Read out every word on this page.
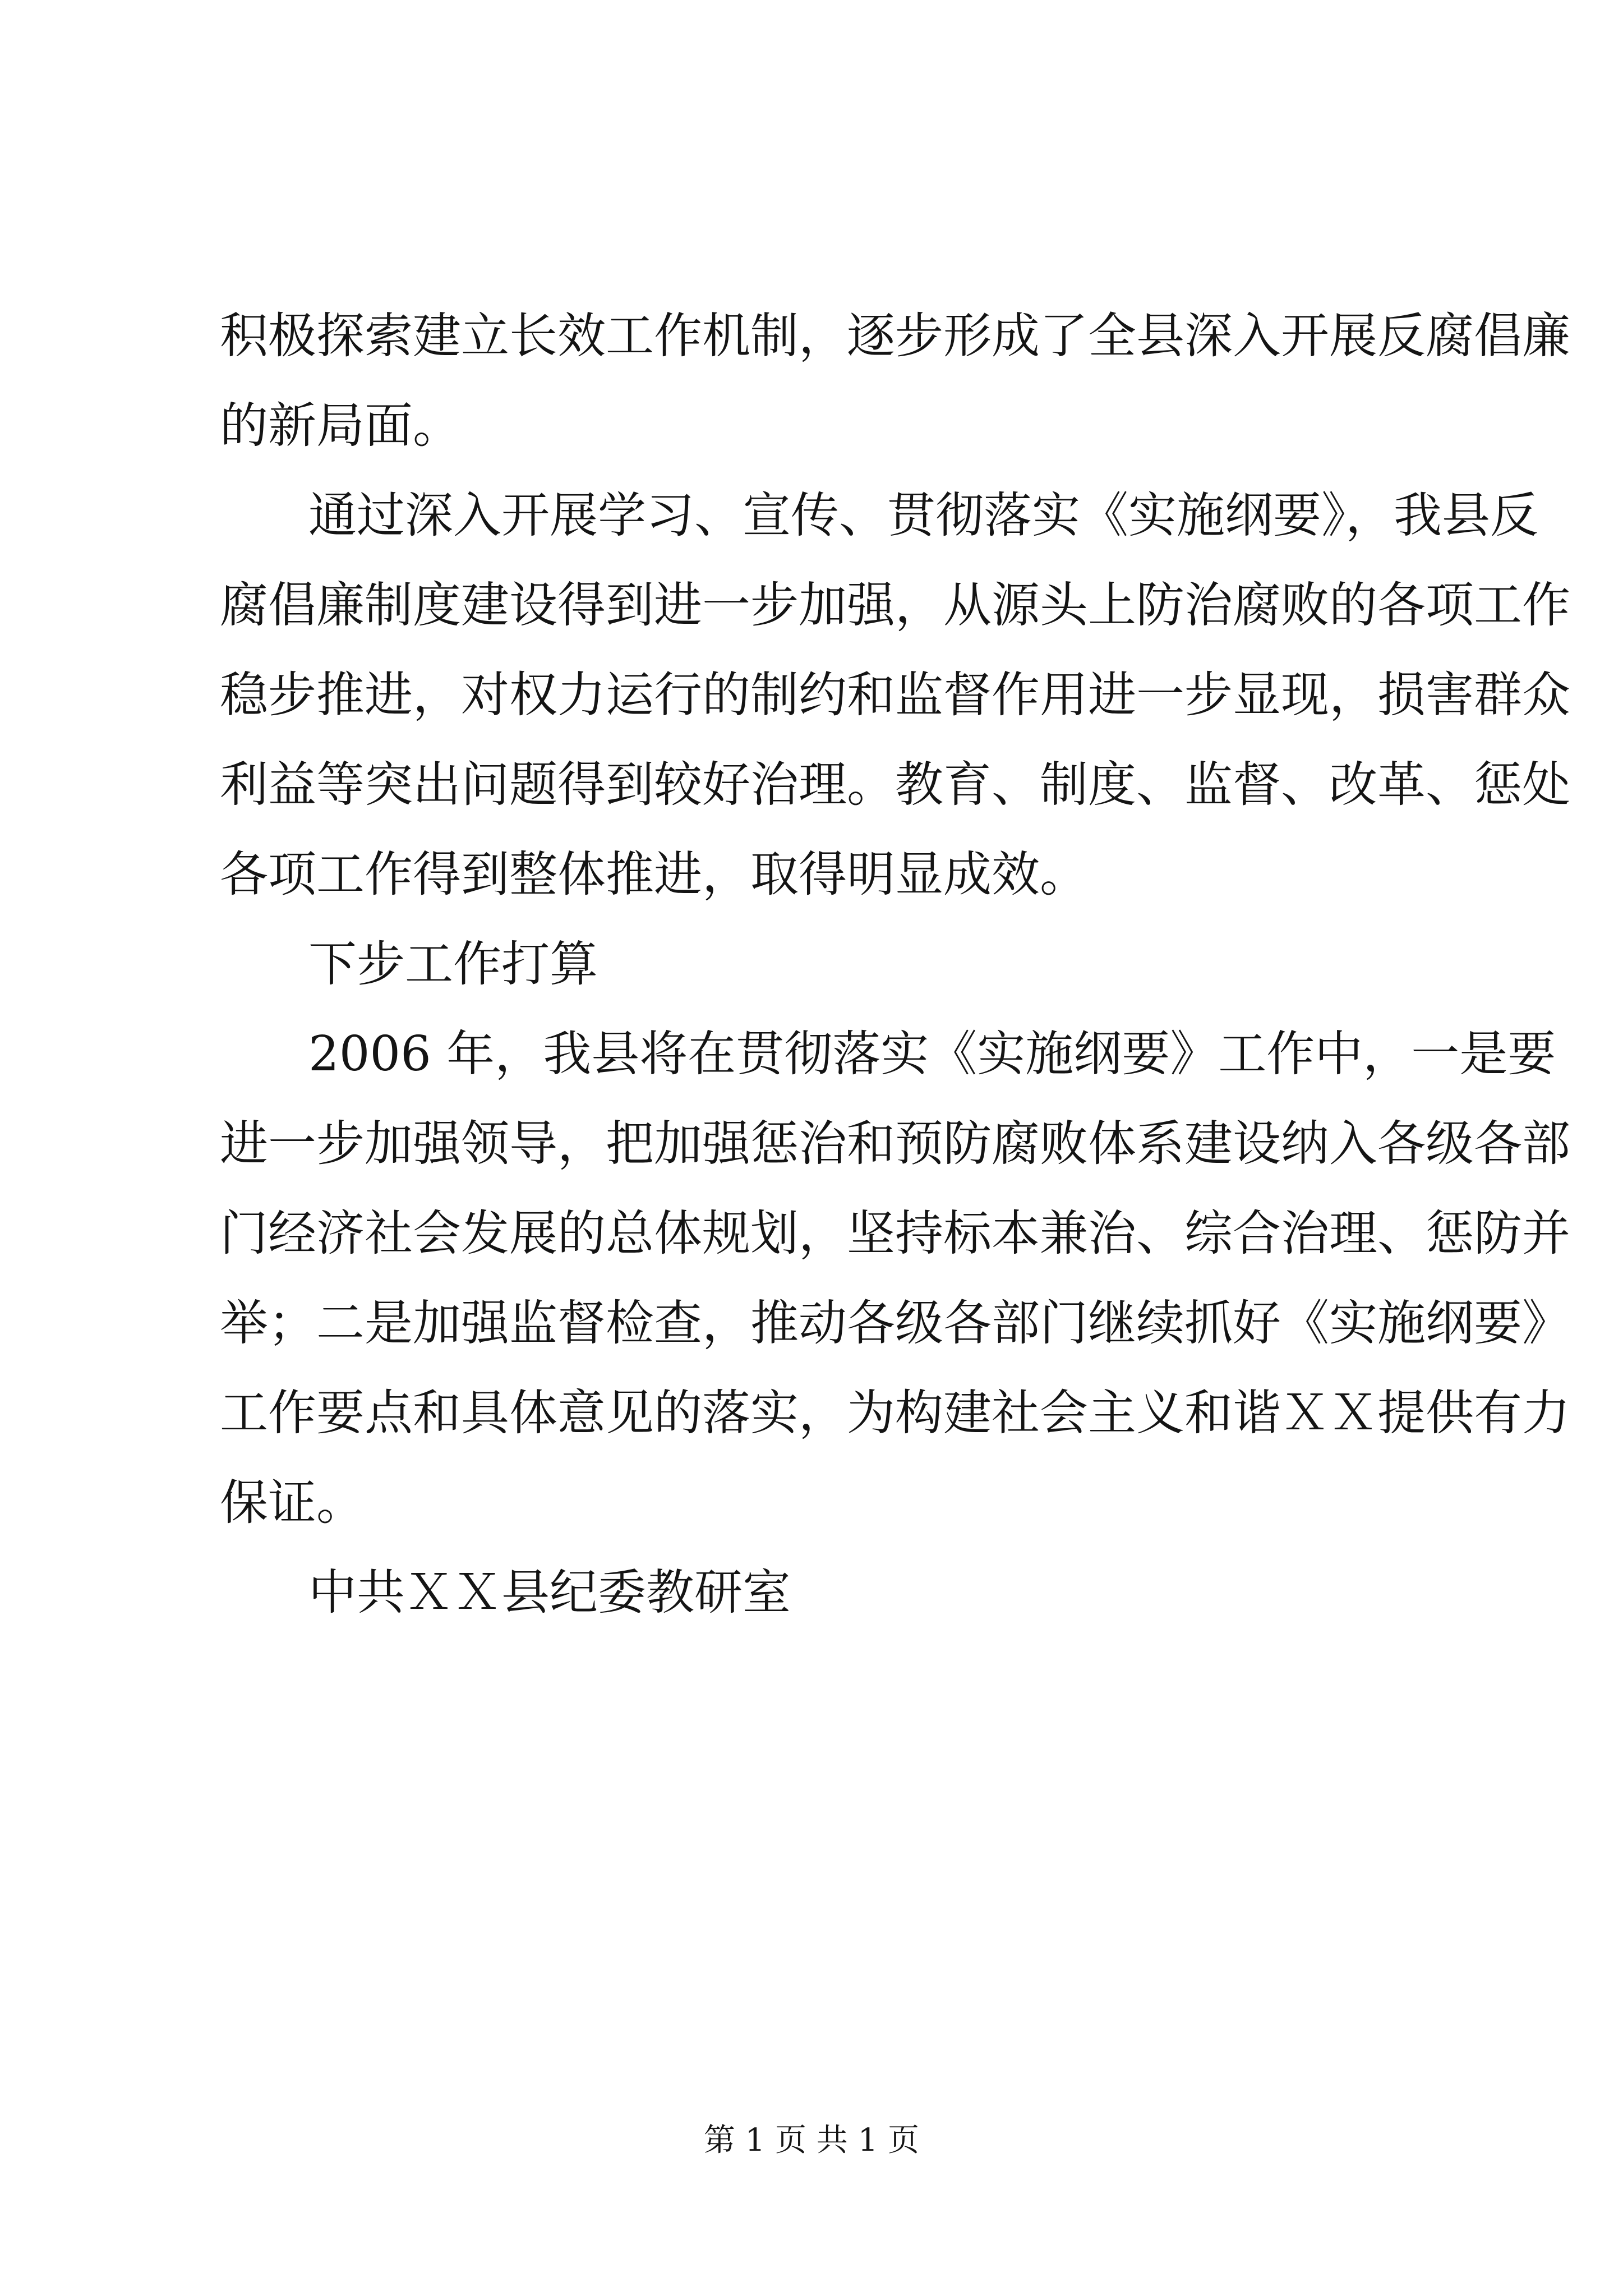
积极探索建立长效工作机制，逐步形成了全县深入开展反腐倡廉
的新局面。
通过深入开展学习、宣传、贯彻落实《实施纲要》，我县反
腐倡廉制度建设得到进一步加强，从源头上防治腐败的各项工作
稳步推进，对权力运行的制约和监督作用进一步显现，损害群众
利益等突出问题得到较好治理。教育、制度、监督、改革、惩处
各项工作得到整体推进，取得明显成效。
下步工作打算
2006 年，我县将在贯彻落实《实施纲要》工作中，一是要
进一步加强领导，把加强惩治和预防腐败体系建设纳入各级各部
门经济社会发展的总体规划，坚持标本兼治、综合治理、惩防并
举；二是加强监督检查，推动各级各部门继续抓好《实施纲要》
工作要点和具体意见的落实，为构建社会主义和谐ＸＸ提供有力
保证。
中共ＸＸ县纪委教研室
第 1 页 共 1 页
